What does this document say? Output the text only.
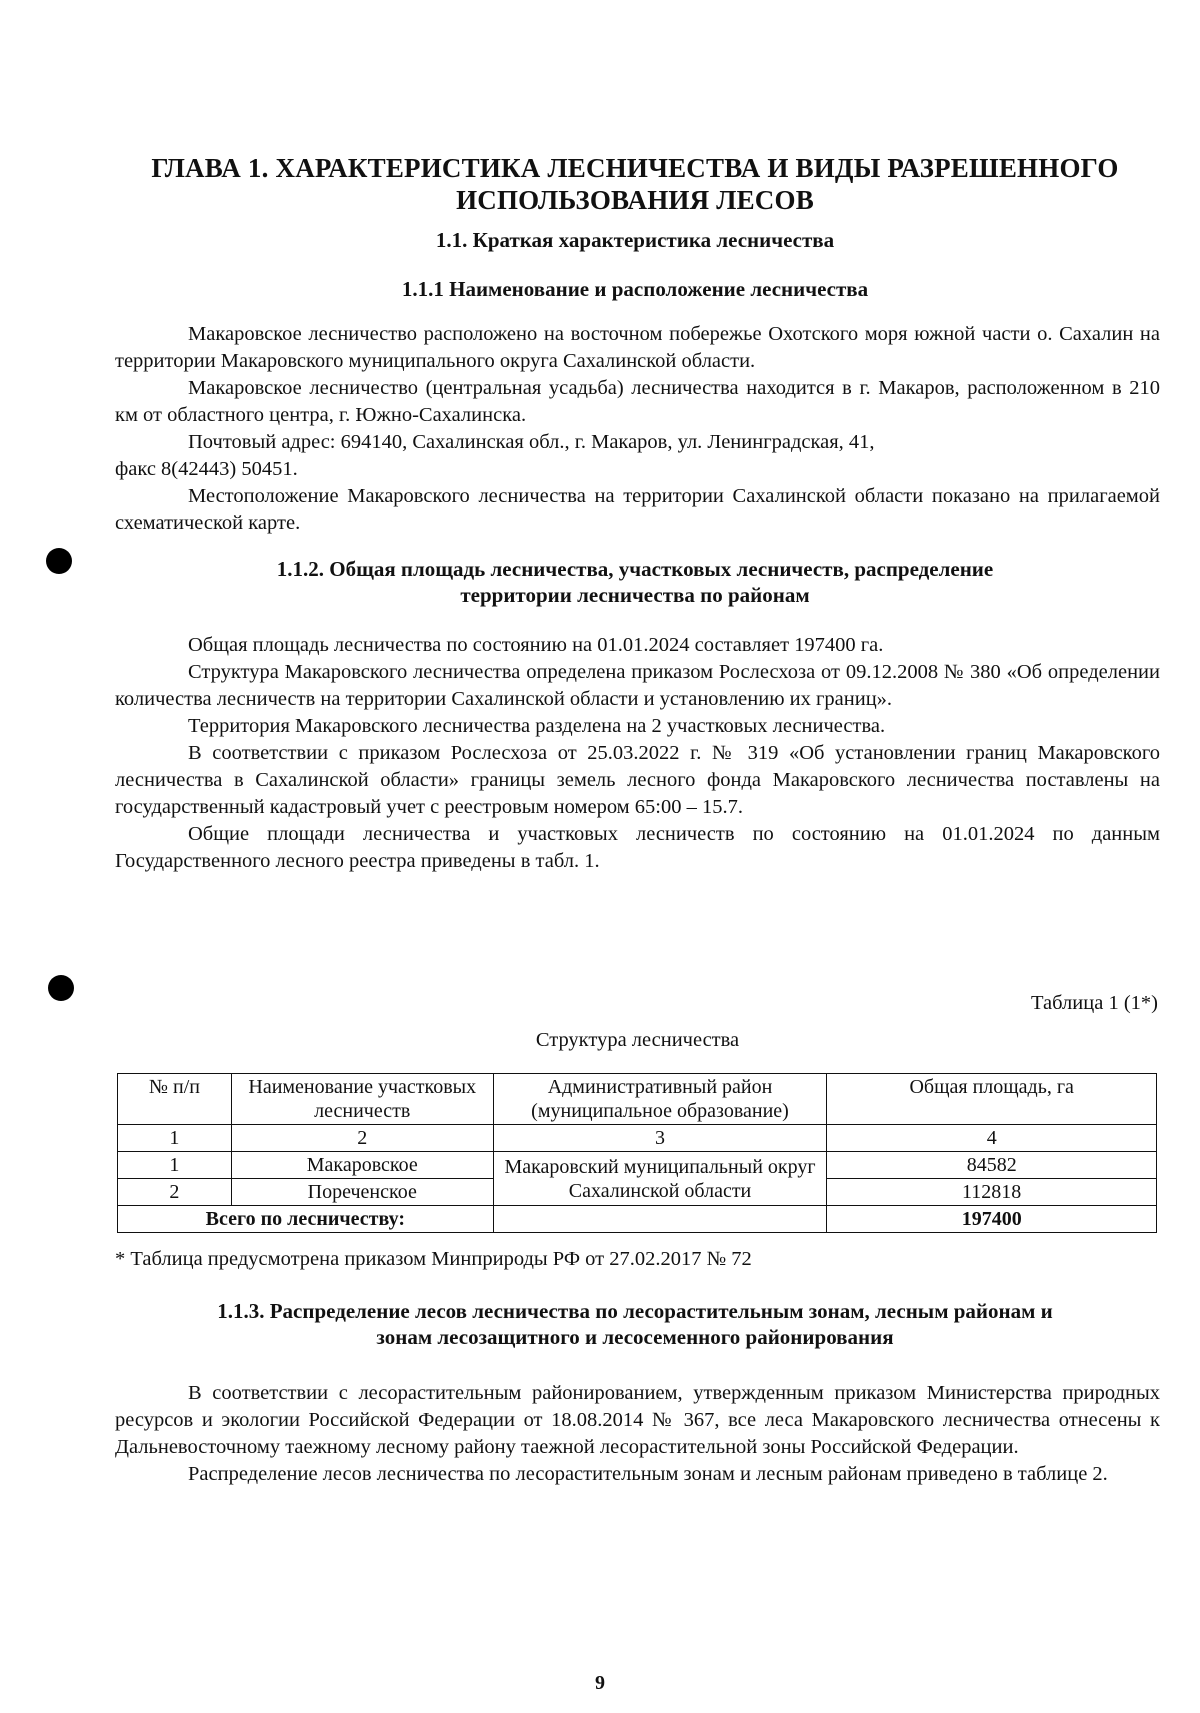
ГЛАВА 1. ХАРАКТЕРИСТИКА ЛЕСНИЧЕСТВА И ВИДЫ РАЗРЕШЕННОГО
ИСПОЛЬЗОВАНИЯ ЛЕСОВ
1.1. Краткая характеристика лесничества
1.1.1 Наименование и расположение лесничества

Макаровское лесничество расположено на восточном побережье Охотского моря южной части о. Сахалин на территории Макаровского муниципального округа Сахалинской области.

Макаровское лесничество (центральная усадьба) лесничества находится в г. Макаров, расположенном в 210 км от областного центра, г. Южно-Сахалинска.

Почтовый адрес: 694140, Сахалинская обл., г. Макаров, ул. Ленинградская, 41,

факс 8(42443) 50451.

Местоположение Макаровского лесничества на территории Сахалинской области показано на прилагаемой схематической карте.

1.1.2. Общая площадь лесничества, участковых лесничеств, распределение
территории лесничества по районам

Общая площадь лесничества по состоянию на 01.01.2024 составляет 197400 га.

Структура Макаровского лесничества определена приказом Рослесхоза от 09.12.2008 № 380 «Об определении количества лесничеств на территории Сахалинской области и установлению их границ».

Территория Макаровского лесничества разделена на 2 участковых лесничества.

В соответствии с приказом Рослесхоза от 25.03.2022 г. № 319 «Об установлении границ Макаровского лесничества в Сахалинской области» границы земель лесного фонда Макаровского лесничества поставлены на государственный кадастровый учет с реестровым номером 65:00 – 15.7.

Общие площади лесничества и участковых лесничеств по состоянию на 01.01.2024 по данным Государственного лесного реестра приведены в табл. 1.

Таблица 1 (1*)
Структура лесничества
№ п/п	Наименование участковых лесничеств	Административный район (муниципальное образование)	Общая площадь, га
1	2	3	4
1	Макаровское	Макаровский муниципальный округ Сахалинской области	84582
2	Пореченское		112818
Всего по лесничеству:			197400
* Таблица предусмотрена приказом Минприроды РФ от 27.02.2017 № 72
1.1.3. Распределение лесов лесничества по лесорастительным зонам, лесным районам и
зонам лесозащитного и лесосеменного районирования

В соответствии с лесорастительным районированием, утвержденным приказом Министерства природных ресурсов и экологии Российской Федерации от 18.08.2014 № 367, все леса Макаровского лесничества отнесены к Дальневосточному таежному лесному району таежной лесорастительной зоны Российской Федерации.

Распределение лесов лесничества по лесорастительным зонам и лесным районам приведено в таблице 2.

9
